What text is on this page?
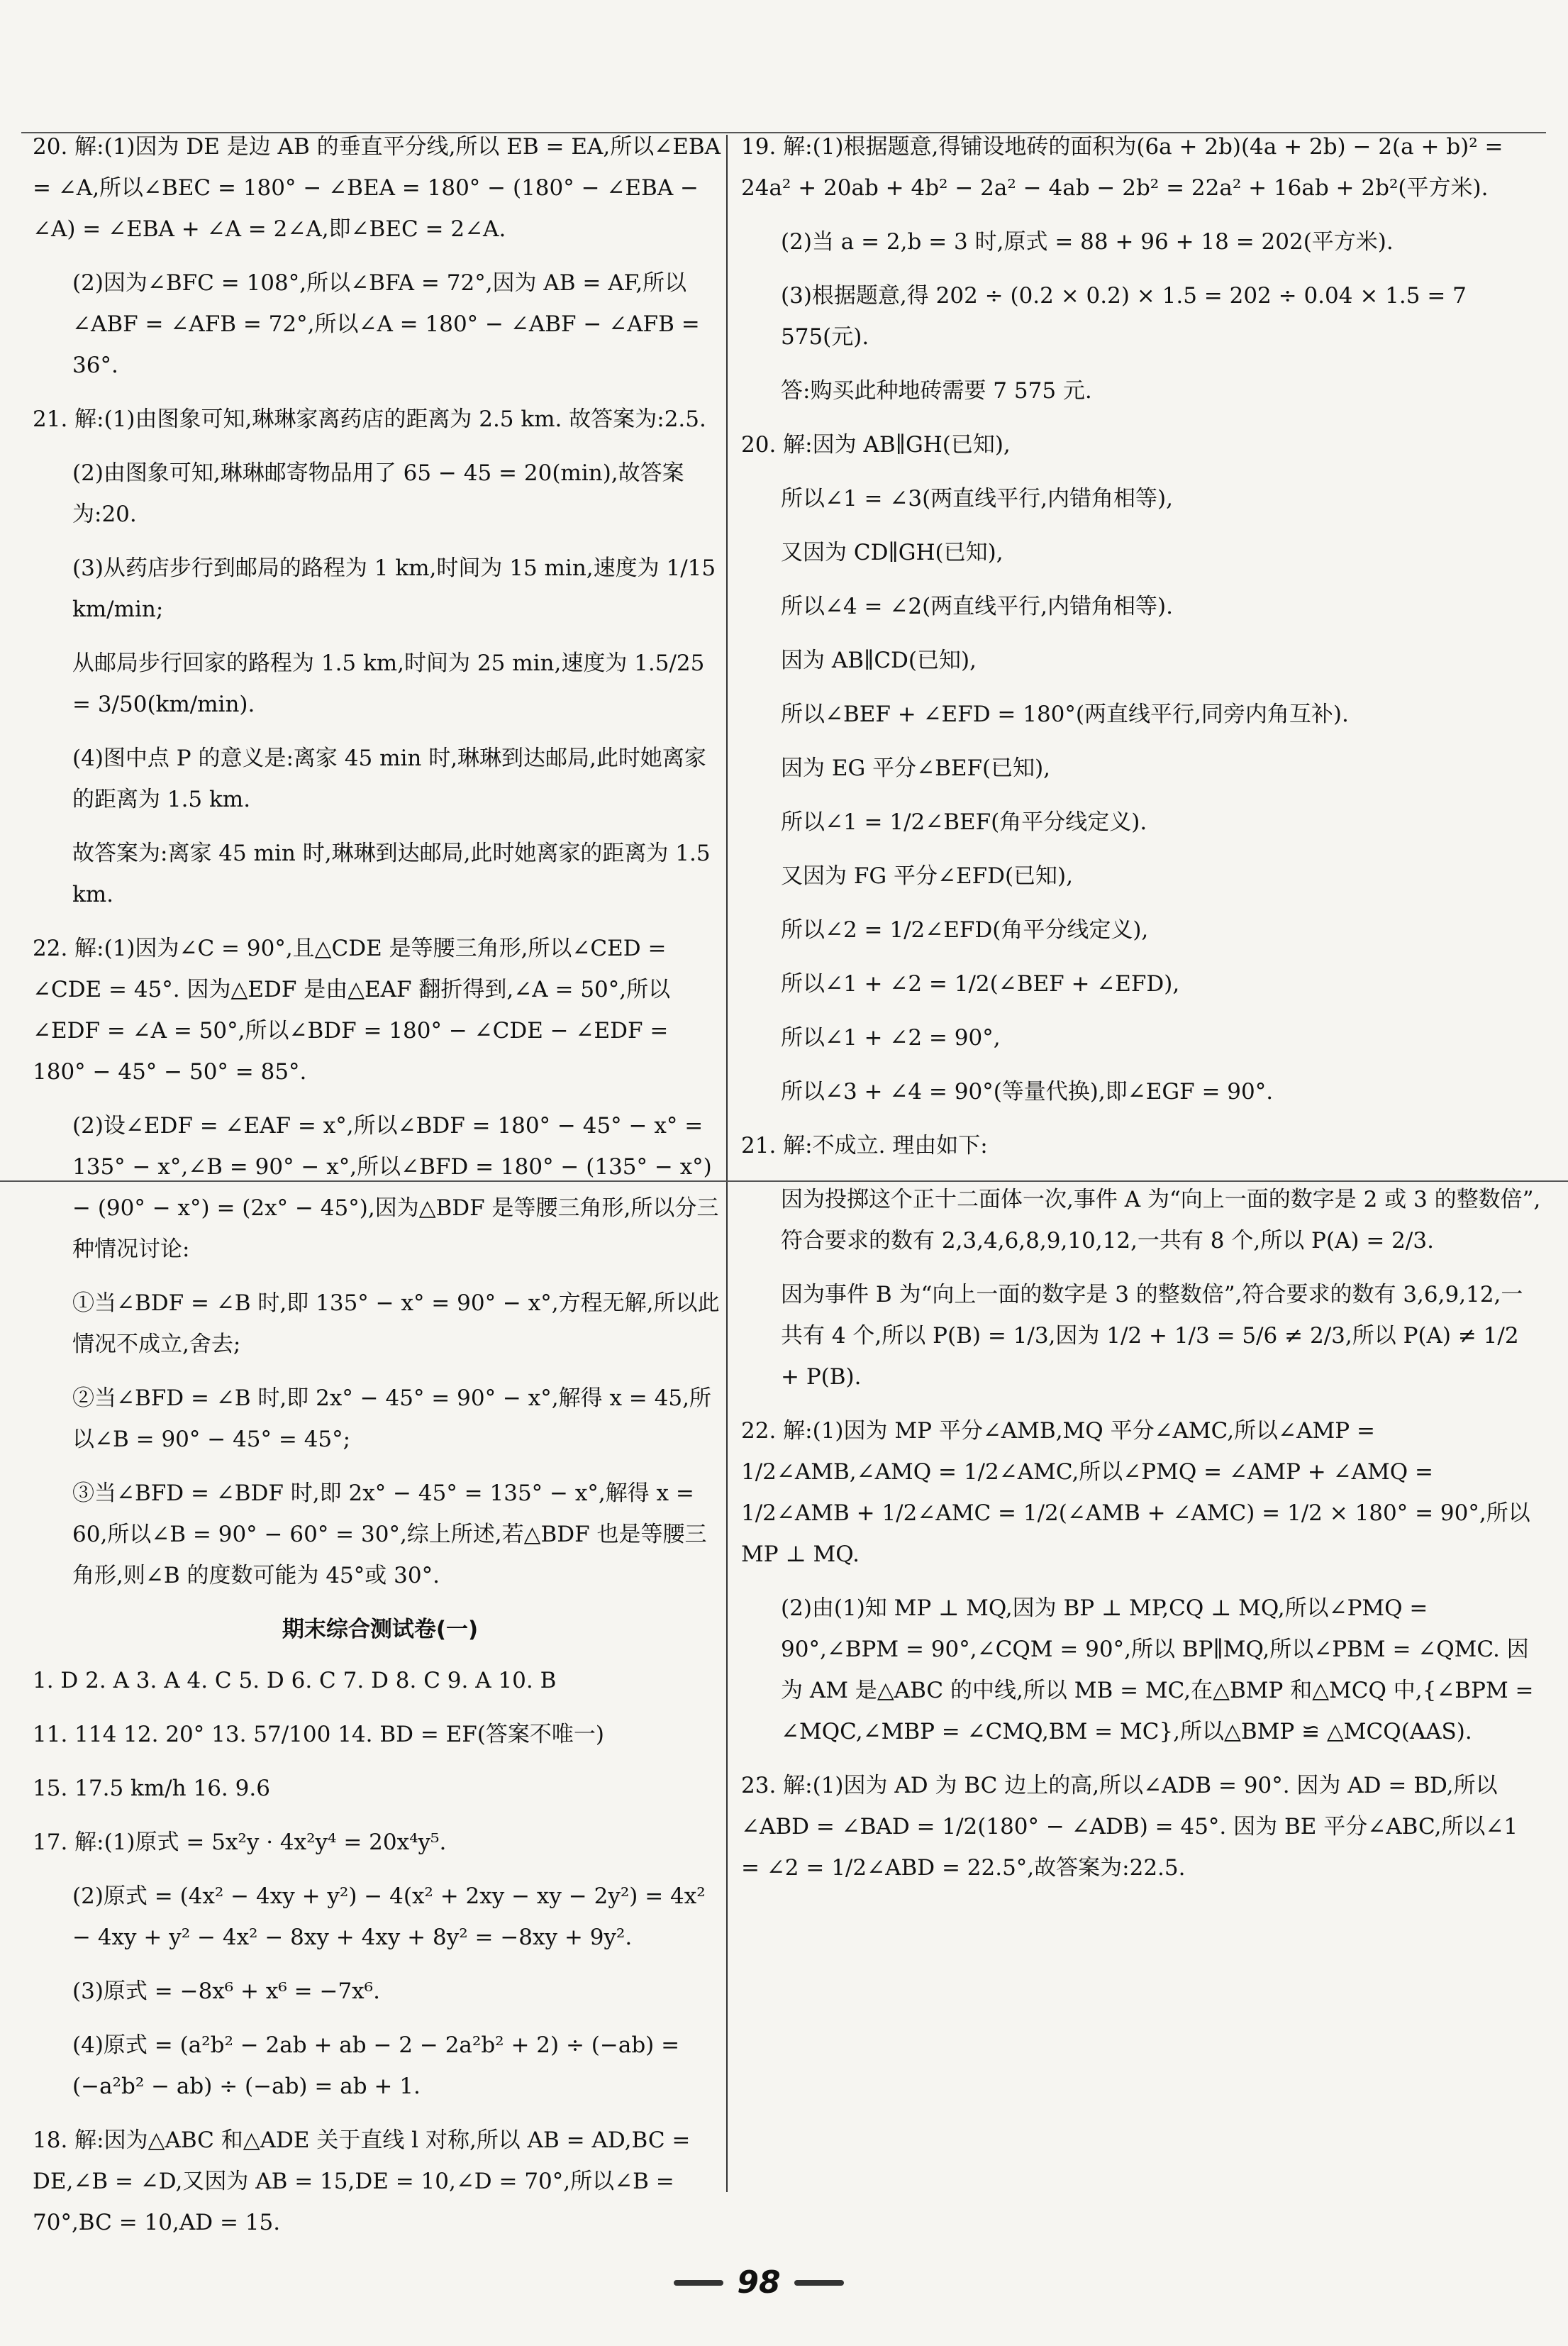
20. 解:(1)因为 DE 是边 AB 的垂直平分线,所以 EB = EA,所以∠EBA = ∠A,所以∠BEC = 180° − ∠BEA = 180° − (180° − ∠EBA − ∠A) = ∠EBA + ∠A = 2∠A,即∠BEC = 2∠A.

(2)因为∠BFC = 108°,所以∠BFA = 72°,因为 AB = AF,所以∠ABF = ∠AFB = 72°,所以∠A = 180° − ∠ABF − ∠AFB = 36°.

21. 解:(1)由图象可知,琳琳家离药店的距离为 2.5 km. 故答案为:2.5.

(2)由图象可知,琳琳邮寄物品用了 65 − 45 = 20(min),故答案为:20.

(3)从药店步行到邮局的路程为 1 km,时间为 15 min,速度为 1/15 km/min;

从邮局步行回家的路程为 1.5 km,时间为 25 min,速度为 1.5/25 = 3/50(km/min).

(4)图中点 P 的意义是:离家 45 min 时,琳琳到达邮局,此时她离家的距离为 1.5 km.

故答案为:离家 45 min 时,琳琳到达邮局,此时她离家的距离为 1.5 km.

22. 解:(1)因为∠C = 90°,且△CDE 是等腰三角形,所以∠CED = ∠CDE = 45°. 因为△EDF 是由△EAF 翻折得到,∠A = 50°,所以∠EDF = ∠A = 50°,所以∠BDF = 180° − ∠CDE − ∠EDF = 180° − 45° − 50° = 85°.

(2)设∠EDF = ∠EAF = x°,所以∠BDF = 180° − 45° − x° = 135° − x°,∠B = 90° − x°,所以∠BFD = 180° − (135° − x°) − (90° − x°) = (2x° − 45°),因为△BDF 是等腰三角形,所以分三种情况讨论:

①当∠BDF = ∠B 时,即 135° − x° = 90° − x°,方程无解,所以此情况不成立,舍去;

②当∠BFD = ∠B 时,即 2x° − 45° = 90° − x°,解得 x = 45,所以∠B = 90° − 45° = 45°;

③当∠BFD = ∠BDF 时,即 2x° − 45° = 135° − x°,解得 x = 60,所以∠B = 90° − 60° = 30°,综上所述,若△BDF 也是等腰三角形,则∠B 的度数可能为 45°或 30°.

期末综合测试卷(一)

1. D 2. A 3. A 4. C 5. D 6. C 7. D 8. C 9. A 10. B

11. 114 12. 20° 13. 57/100 14. BD = EF(答案不唯一)

15. 17.5 km/h 16. 9.6

17. 解:(1)原式 = 5x²y · 4x²y⁴ = 20x⁴y⁵.

(2)原式 = (4x² − 4xy + y²) − 4(x² + 2xy − xy − 2y²) = 4x² − 4xy + y² − 4x² − 8xy + 4xy + 8y² = −8xy + 9y².

(3)原式 = −8x⁶ + x⁶ = −7x⁶.

(4)原式 = (a²b² − 2ab + ab − 2 − 2a²b² + 2) ÷ (−ab) = (−a²b² − ab) ÷ (−ab) = ab + 1.

18. 解:因为△ABC 和△ADE 关于直线 l 对称,所以 AB = AD,BC = DE,∠B = ∠D,又因为 AB = 15,DE = 10,∠D = 70°,所以∠B = 70°,BC = 10,AD = 15.

19. 解:(1)根据题意,得铺设地砖的面积为(6a + 2b)(4a + 2b) − 2(a + b)² = 24a² + 20ab + 4b² − 2a² − 4ab − 2b² = 22a² + 16ab + 2b²(平方米).

(2)当 a = 2,b = 3 时,原式 = 88 + 96 + 18 = 202(平方米).

(3)根据题意,得 202 ÷ (0.2 × 0.2) × 1.5 = 202 ÷ 0.04 × 1.5 = 7 575(元).

答:购买此种地砖需要 7 575 元.

20. 解:因为 AB∥GH(已知),

所以∠1 = ∠3(两直线平行,内错角相等),

又因为 CD∥GH(已知),

所以∠4 = ∠2(两直线平行,内错角相等).

因为 AB∥CD(已知),

所以∠BEF + ∠EFD = 180°(两直线平行,同旁内角互补).

因为 EG 平分∠BEF(已知),

所以∠1 = 1/2∠BEF(角平分线定义).

又因为 FG 平分∠EFD(已知),

所以∠2 = 1/2∠EFD(角平分线定义),

所以∠1 + ∠2 = 1/2(∠BEF + ∠EFD),

所以∠1 + ∠2 = 90°,

所以∠3 + ∠4 = 90°(等量代换),即∠EGF = 90°.

21. 解:不成立. 理由如下:

因为投掷这个正十二面体一次,事件 A 为“向上一面的数字是 2 或 3 的整数倍”,符合要求的数有 2,3,4,6,8,9,10,12,一共有 8 个,所以 P(A) = 2/3.

因为事件 B 为“向上一面的数字是 3 的整数倍”,符合要求的数有 3,6,9,12,一共有 4 个,所以 P(B) = 1/3,因为 1/2 + 1/3 = 5/6 ≠ 2/3,所以 P(A) ≠ 1/2 + P(B).

22. 解:(1)因为 MP 平分∠AMB,MQ 平分∠AMC,所以∠AMP = 1/2∠AMB,∠AMQ = 1/2∠AMC,所以∠PMQ = ∠AMP + ∠AMQ = 1/2∠AMB + 1/2∠AMC = 1/2(∠AMB + ∠AMC) = 1/2 × 180° = 90°,所以 MP ⊥ MQ.

(2)由(1)知 MP ⊥ MQ,因为 BP ⊥ MP,CQ ⊥ MQ,所以∠PMQ = 90°,∠BPM = 90°,∠CQM = 90°,所以 BP∥MQ,所以∠PBM = ∠QMC. 因为 AM 是△ABC 的中线,所以 MB = MC,在△BMP 和△MCQ 中,{∠BPM = ∠MQC,∠MBP = ∠CMQ,BM = MC},所以△BMP ≌ △MCQ(AAS).

23. 解:(1)因为 AD 为 BC 边上的高,所以∠ADB = 90°. 因为 AD = BD,所以∠ABD = ∠BAD = 1/2(180° − ∠ADB) = 45°. 因为 BE 平分∠ABC,所以∠1 = ∠2 = 1/2∠ABD = 22.5°,故答案为:22.5.

98
